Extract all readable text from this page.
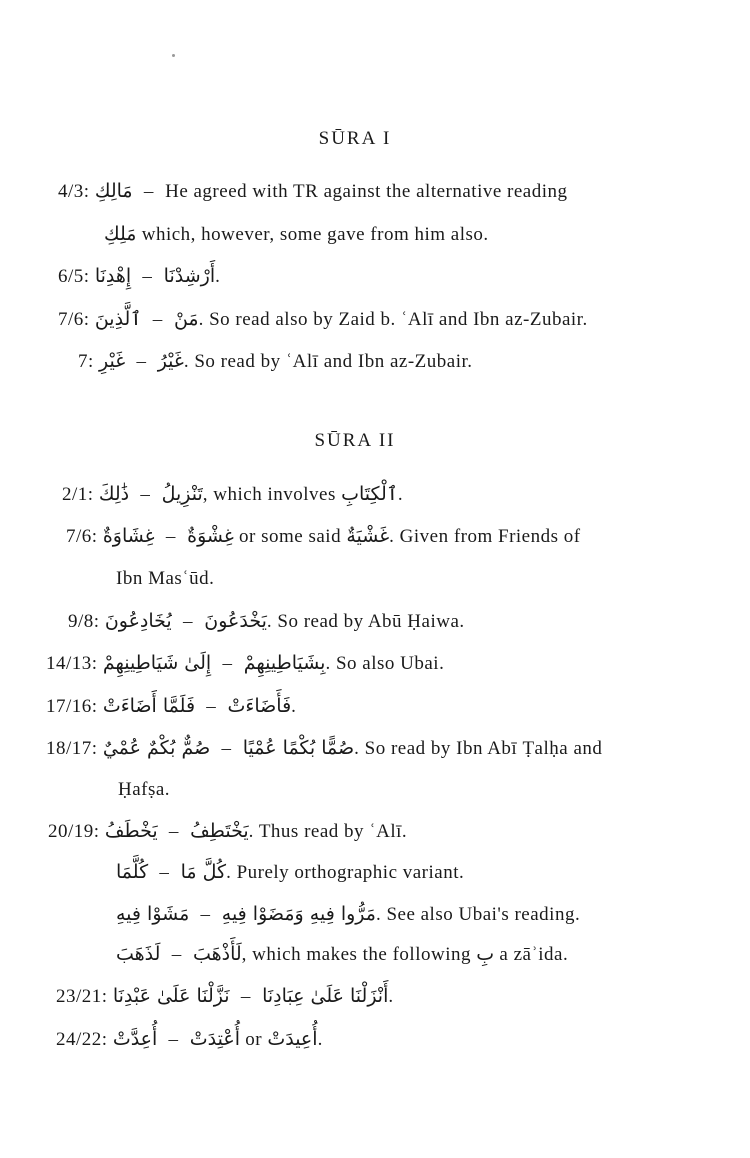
SŪRA I
4/3: مَالِكِ – He agreed with TR against the alternative reading
مَلِكِ which, however, some gave from him also.
6/5: إِهْدِنَا – أَرْشِدْنَا.
7/6: ٱلَّذِينَ – مَنْ. So read also by Zaid b. ʿAlī and Ibn az-Zubair.
7: غَيْرِ – غَيْرُ. So read by ʿAlī and Ibn az-Zubair.
SŪRA II
2/1: ذَٰلِكَ – تَنْزِيلُ, which involves ٱلْكِتَابِ.
7/6: غِشَاوَةٌ – غِشْوَةٌ or some said غَشْيَةٌ. Given from Friends of
Ibn Masʿūd.
9/8: يُخَادِعُونَ – يَخْدَعُونَ. So read by Abū Ḥaiwa.
14/13: إِلَىٰ شَيَاطِينِهِمْ – بِشَيَاطِينِهِمْ. So also Ubai.
17/16: فَلَمَّا أَضَاءَتْ – فَأَضَاءَتْ.
18/17: صُمٌّ بُكْمٌ عُمْيٌ – صُمًّا بُكْمًا عُمْيًا. So read by Ibn Abī Ṭalḥa and
Ḥafṣa.
20/19: يَخْطَفُ – يَخْتَطِفُ. Thus read by ʿAlī.
كُلَّمَا – كُلَّ مَا. Purely orthographic variant.
مَشَوْا فِيهِ – مَرُّوا فِيهِ وَمَضَوْا فِيهِ. See also Ubai's reading.
لَذَهَبَ – لَأَذْهَبَ, which makes the following بِ a zāʾida.
23/21: نَزَّلْنَا عَلَىٰ عَبْدِنَا – أَنْزَلْنَا عَلَىٰ عِبَادِنَا.
24/22: أُعِدَّتْ – أُعْتِدَتْ or أُعِيدَتْ.
